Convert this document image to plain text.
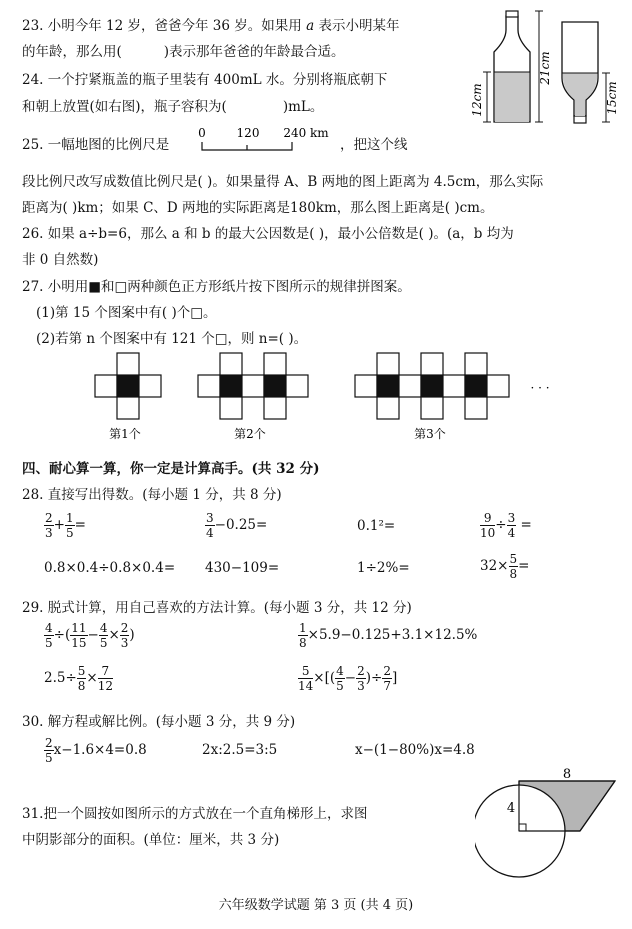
23. 小明今年 12 岁，爸爸今年 36 岁。如果用 a 表示小明某年
的年龄，那么用(	)表示那年爸爸的年龄最合适。
24. 一个拧紧瓶盖的瓶子里装有 400mL 水。分别将瓶底朝下
和朝上放置(如右图)，瓶子容积为(	)mL。	12cm
21cm
15cm
25. 一幅地图的比例尺是
0	120 240 km
，把这个线
段比例尺改写成数值比例尺是( )。如果量得 A、B 两地的图上距离为 4.5cm，那么实际
距离为( )km；如果 C、D 两地的实际距离是180km，那么图上距离是( )cm。
26. 如果 a÷b=6，那么 a 和 b 的最大公因数是( )，最小公倍数是( )。(a，b 均为
非 0 自然数)
27. 小明用■和□两种颜色正方形纸片按下图所示的规律拼图案。
(1)第 15 个图案中有( )个□。
(2)若第 n 个图案中有 121 个□，则 n=( )。
第1个	第2个	第3个
· · ·
四、耐心算一算，你一定是计算高手。(共 32 分)
28. 直接写出得数。(每小题 1 分，共 8 分)
$\frac{2}{3} + \frac{1}{5}$ =	$\frac{3}{4} -0.25=$	0.1²=	$\frac{9}{10} \div \frac{3}{4}$ =
0.8×0.4÷0.8×0.4= 430−109=	1÷2%=	$32\times \frac{5}{8}$ =
29. 脱式计算，用自己喜欢的方法计算。(每小题 3 分，共 12 分)
$\frac{4}{5}$ ÷( $\frac{11}{15} - \frac{4}{5} \times \frac{2}{3}$ )	$\frac{1}{8} \times 5.9-0.125+3.1\times 12.5\%$
$2.5\div \frac{5}{8} \times \frac{7}{12}$	$\frac{5}{14}$ ×[( $\frac{4}{5} - \frac{2}{3}$ )÷ $\frac{2}{7}$ ]
30. 解方程或解比例。(每小题 3 分，共 9 分)
$\frac{2}{5} x-1.6\times 4=0.8$	2x:2.5=3:5	x−(1−80%)x=4.8
31.把一个圆按如图所示的方式放在一个直角梯形上，求图
中阴影部分的面积。(单位：厘米，共 3 分)
8
4
六年级数学试题 第 3 页 (共 4 页)
